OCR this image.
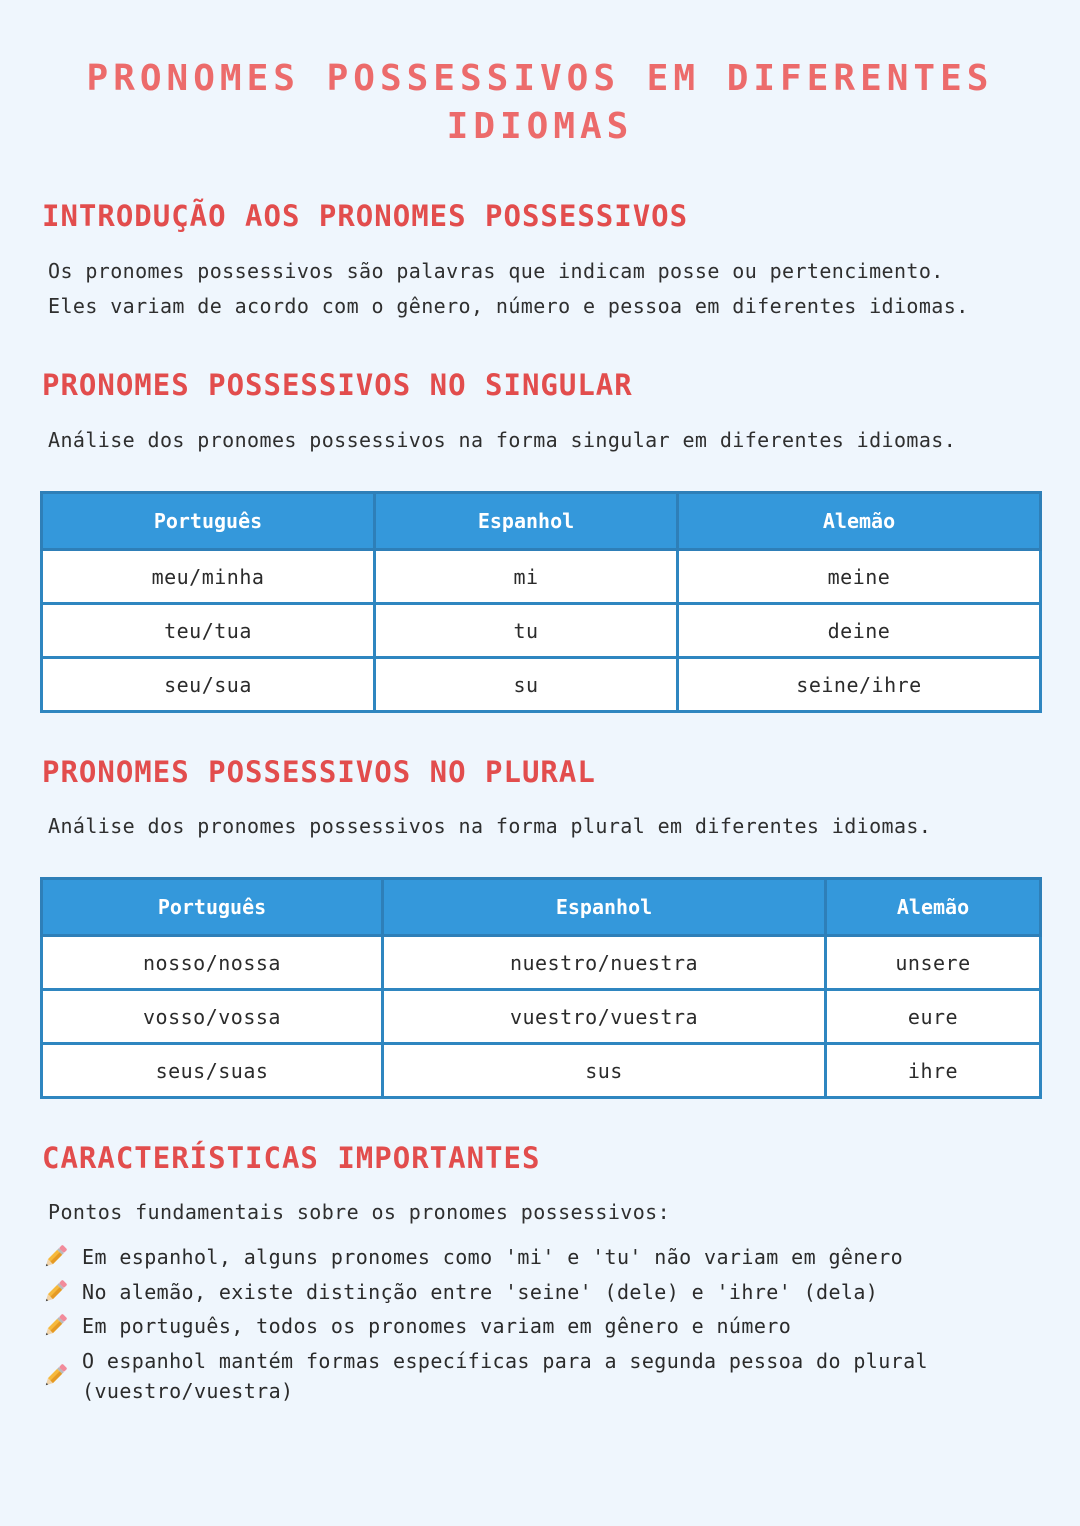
PRONOMES POSSESSIVOS EM DIFERENTES IDIOMAS
INTRODUÇÃO AOS PRONOMES POSSESSIVOS
Os pronomes possessivos são palavras que indicam posse ou pertencimento.
Eles variam de acordo com o gênero, número e pessoa em diferentes idiomas.
PRONOMES POSSESSIVOS NO SINGULAR
Análise dos pronomes possessivos na forma singular em diferentes idiomas.
Português	Espanhol	Alemão
meu/minha	mi	meine
teu/tua	tu	deine
seu/sua	su	seine/ihre
PRONOMES POSSESSIVOS NO PLURAL
Análise dos pronomes possessivos na forma plural em diferentes idiomas.
Português	Espanhol	Alemão
nosso/nossa	nuestro/nuestra	unsere
vosso/vossa	vuestro/vuestra	eure
seus/suas	sus	ihre
CARACTERÍSTICAS IMPORTANTES
Pontos fundamentais sobre os pronomes possessivos:
Em espanhol, alguns pronomes como 'mi' e 'tu' não variam em gênero
No alemão, existe distinção entre 'seine' (dele) e 'ihre' (dela)
Em português, todos os pronomes variam em gênero e número
O espanhol mantém formas específicas para a segunda pessoa do plural (vuestro/vuestra)
